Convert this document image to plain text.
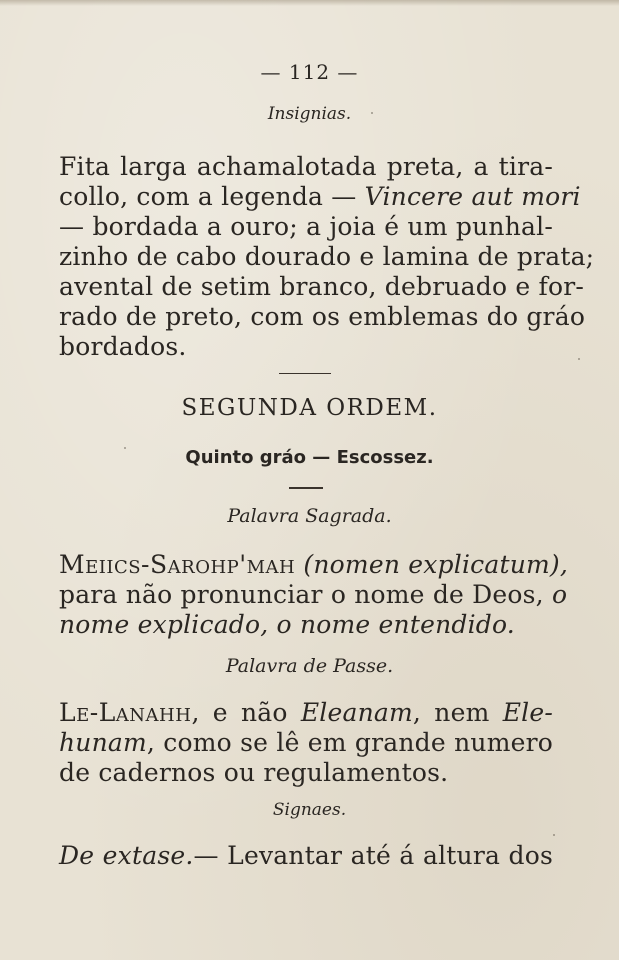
— 112 —
Insignias.
Fita larga achamalotada preta, a tira-
collo, com a legenda — Vincere aut mori
— bordada a ouro; a joia é um punhal-
zinho de cabo dourado e lamina de prata;
avental de setim branco, debruado e for-
rado de preto, com os emblemas do gráo
bordados.
SEGUNDA ORDEM.
Quinto gráo — Escossez.
Palavra Sagrada.
Meiics-Sarohp'mah (nomen explicatum),
para não pronunciar o nome de Deos, o
nome explicado, o nome entendido.
Palavra de Passe.
Le-Lanahh, e não Eleanam, nem Ele-
hunam, como se lê em grande numero
de cadernos ou regulamentos.
Signaes.
De extase.— Levantar até á altura dos
